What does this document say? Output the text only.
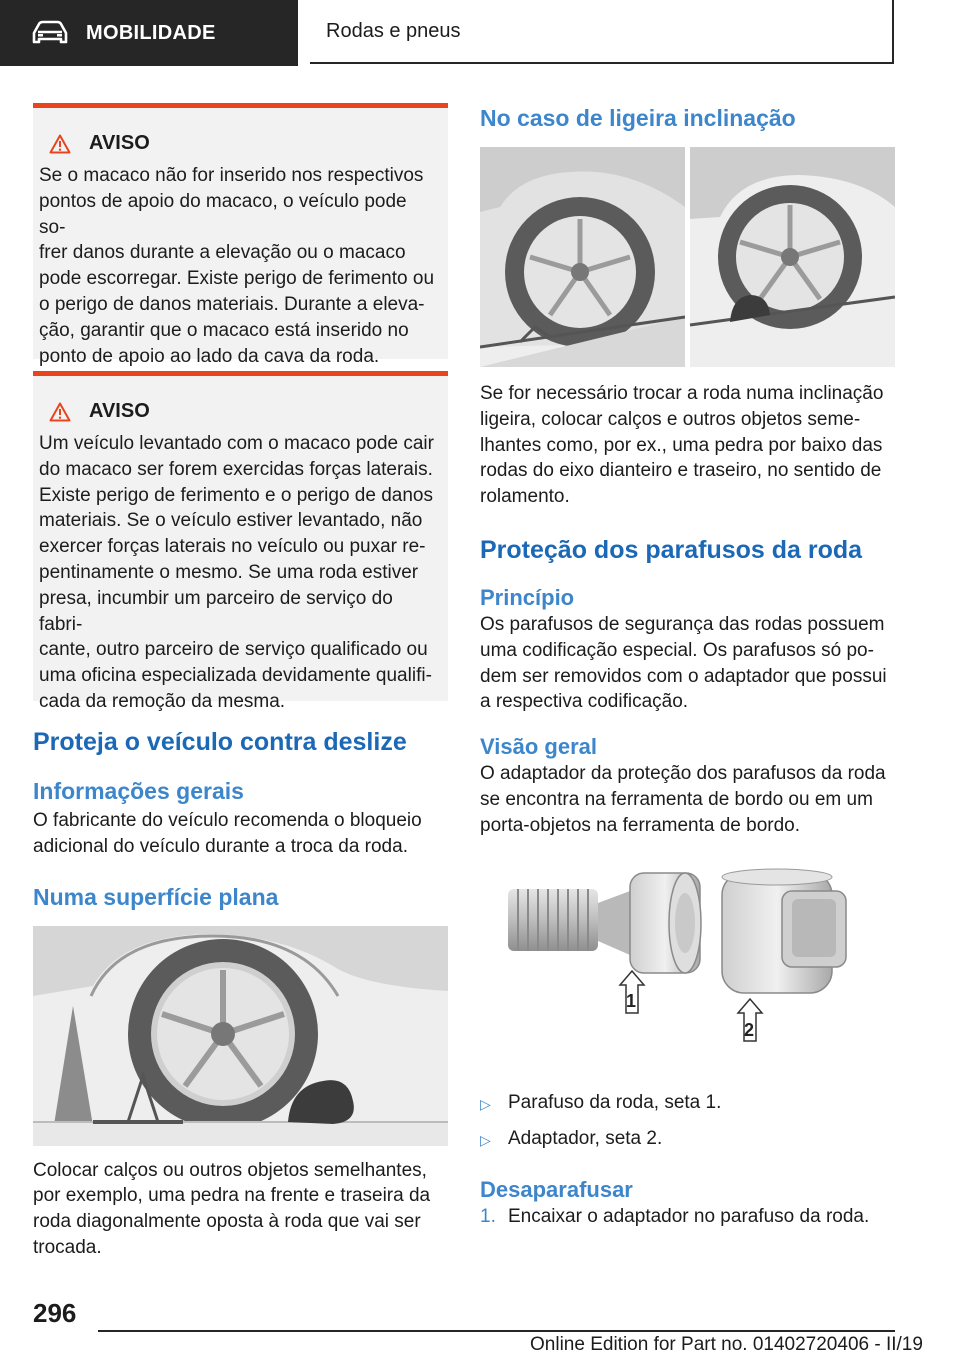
MOBILIDADE	Rodas e pneus
AVISO
Se o macaco não for inserido nos respectivos
pontos de apoio do macaco, o veículo pode so-
frer danos durante a elevação ou o macaco
pode escorregar. Existe perigo de ferimento ou
o perigo de danos materiais. Durante a eleva-
ção, garantir que o macaco está inserido no
ponto de apoio ao lado da cava da roda.
AVISO
Um veículo levantado com o macaco pode cair
do macaco ser forem exercidas forças laterais.
Existe perigo de ferimento e o perigo de danos
materiais. Se o veículo estiver levantado, não
exercer forças laterais no veículo ou puxar re-
pentinamente o mesmo. Se uma roda estiver
presa, incumbir um parceiro de serviço do fabri-
cante, outro parceiro de serviço qualificado ou
uma oficina especializada devidamente qualifi-
cada da remoção da mesma.
Proteja o veículo contra deslize
Informações gerais
O fabricante do veículo recomenda o bloqueio
adicional do veículo durante a troca da roda.
Numa superfície plana
Colocar calços ou outros objetos semelhantes,
por exemplo, uma pedra na frente e traseira da
roda diagonalmente oposta à roda que vai ser
trocada.
No caso de ligeira inclinação
Se for necessário trocar a roda numa inclinação
ligeira, colocar calços e outros objetos seme-
lhantes como, por ex., uma pedra por baixo das
rodas do eixo dianteiro e traseiro, no sentido de
rolamento.
Proteção dos parafusos da roda
Princípio
Os parafusos de segurança das rodas possuem
uma codificação especial. Os parafusos só po-
dem ser removidos com o adaptador que possui
a respectiva codificação.
Visão geral
O adaptador da proteção dos parafusos da roda
se encontra na ferramenta de bordo ou em um
porta-objetos na ferramenta de bordo.
1
2
▷ Parafuso da roda, seta 1.
▷ Adaptador, seta 2.
Desaparafusar
1. Encaixar o adaptador no parafuso da roda.
296
Online Edition for Part no. 01402720406 - II/19
